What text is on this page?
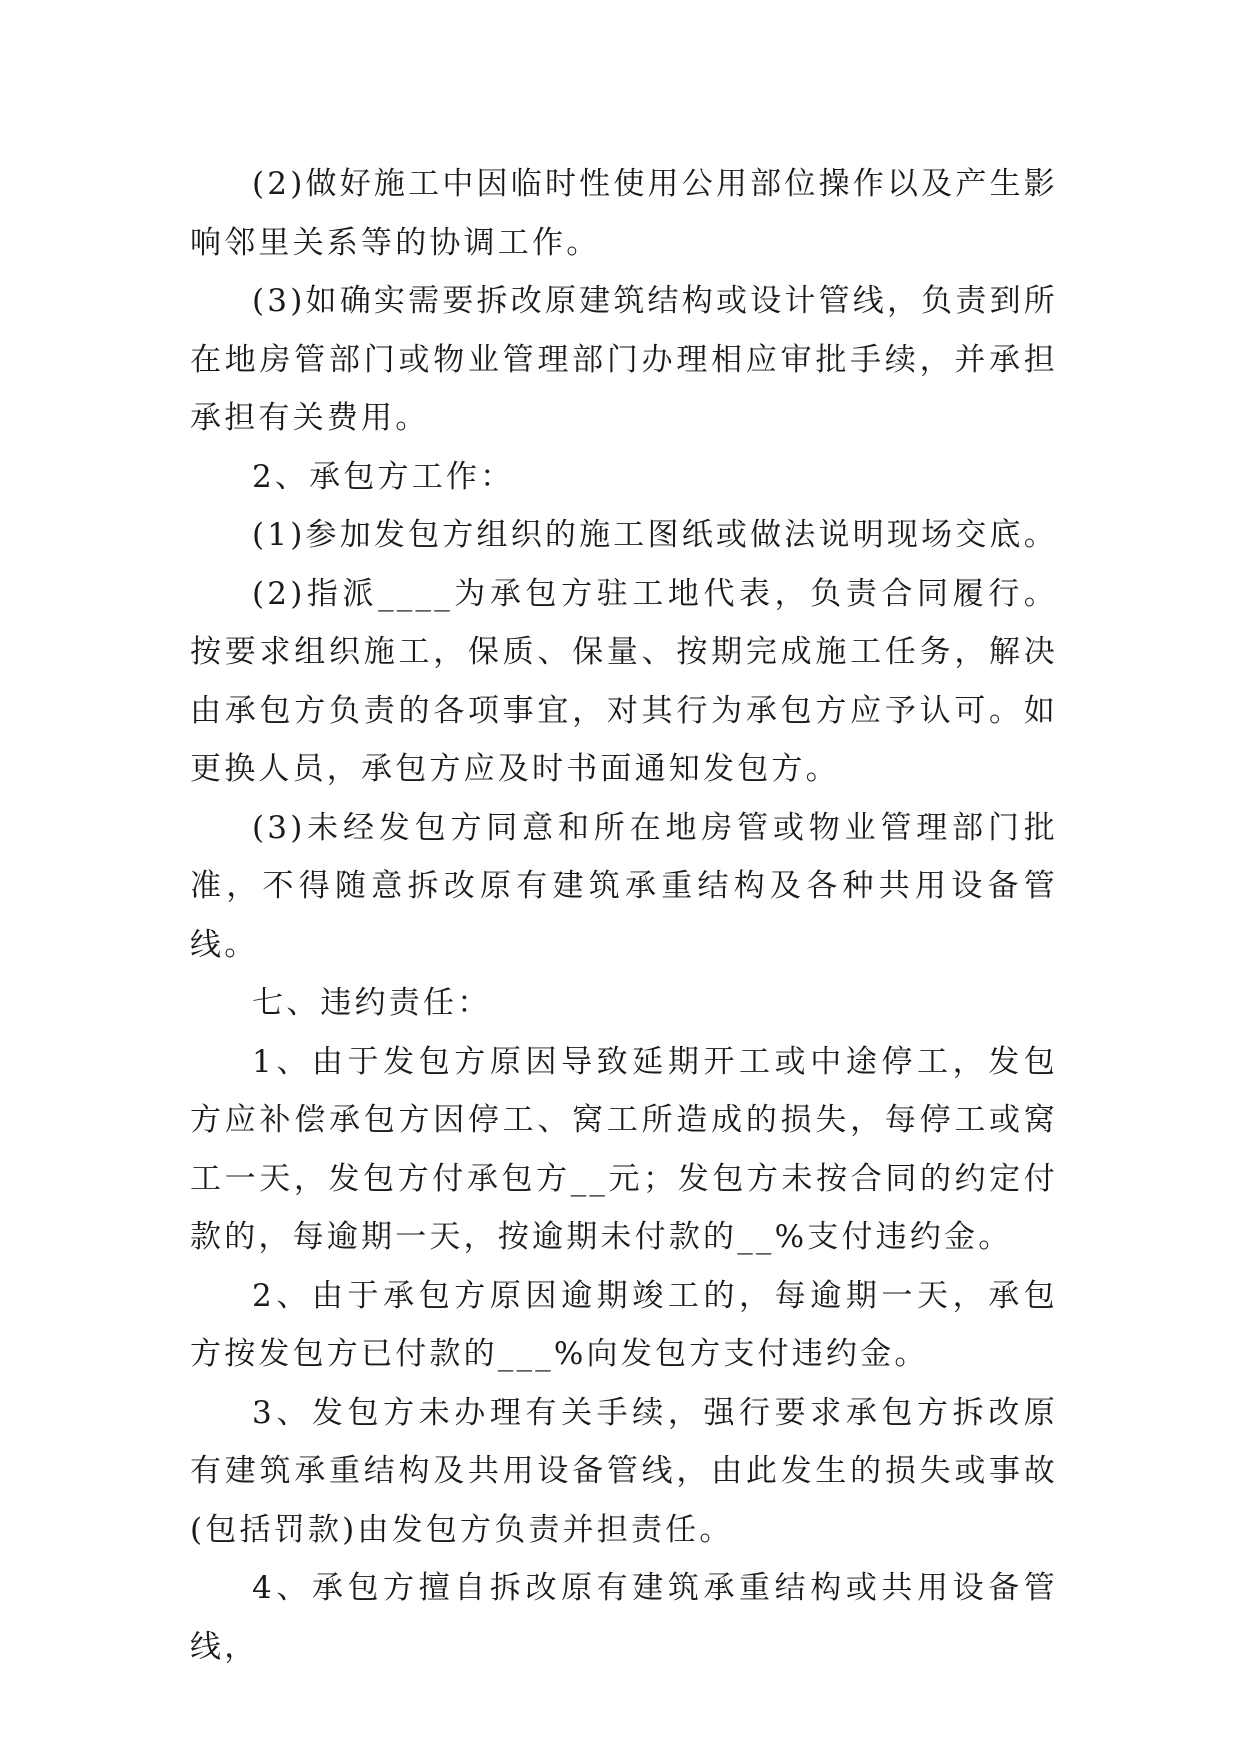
(2)做好施工中因临时性使用公用部位操作以及产生影响邻里关系等的协调工作。

(3)如确实需要拆改原建筑结构或设计管线，负责到所在地房管部门或物业管理部门办理相应审批手续，并承担承担有关费用。

2、承包方工作：

(1)参加发包方组织的施工图纸或做法说明现场交底。

(2)指派____为承包方驻工地代表，负责合同履行。按要求组织施工，保质、保量、按期完成施工任务，解决由承包方负责的各项事宜，对其行为承包方应予认可。如更换人员，承包方应及时书面通知发包方。

(3)未经发包方同意和所在地房管或物业管理部门批准，不得随意拆改原有建筑承重结构及各种共用设备管线。

七、违约责任：

1、由于发包方原因导致延期开工或中途停工，发包方应补偿承包方因停工、窝工所造成的损失，每停工或窝工一天，发包方付承包方__元；发包方未按合同的约定付款的，每逾期一天，按逾期未付款的__%支付违约金。

2、由于承包方原因逾期竣工的，每逾期一天，承包方按发包方已付款的___%向发包方支付违约金。

3、发包方未办理有关手续，强行要求承包方拆改原有建筑承重结构及共用设备管线，由此发生的损失或事故(包括罚款)由发包方负责并担责任。

4、承包方擅自拆改原有建筑承重结构或共用设备管线，
